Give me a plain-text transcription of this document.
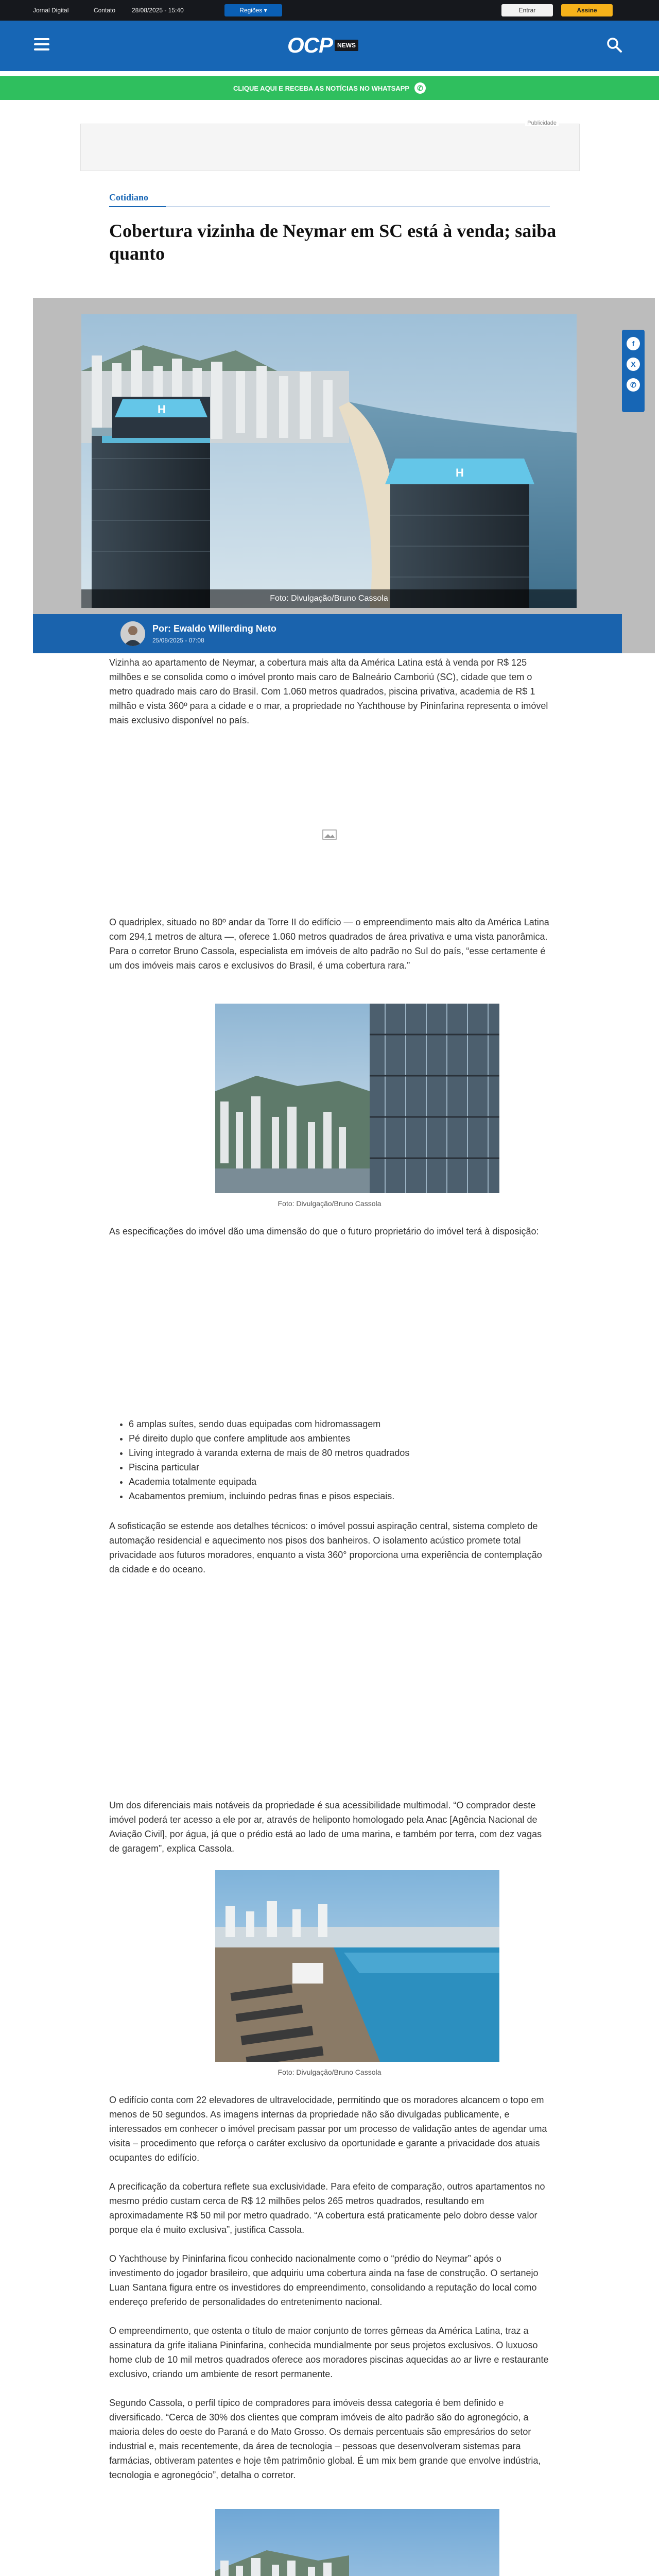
Jornal Digital	Contato	28/08/2025 - 15:40	Regiões ▾	Entrar	Assine
OCP NEWS
CLIQUE AQUI E RECEBA AS NOTÍCIAS NO WHATSAPP	✆
Publicidade
Cotidiano
Cobertura vizinha de Neymar em SC está à venda; saiba quanto
H
H
Foto: Divulgação/Bruno Cassola
f
X
✆
Por: Ewaldo Willerding Neto
25/08/2025 - 07:08

Vizinha ao apartamento de Neymar, a cobertura mais alta da América Latina está à venda por R$ 125 milhões e se consolida como o imóvel pronto mais caro de Balneário Camboriú (SC), cidade que tem o metro quadrado mais caro do Brasil. Com 1.060 metros quadrados, piscina privativa, academia de R$ 1 milhão e vista 360º para a cidade e o mar, a propriedade no Yachthouse by Pininfarina representa o imóvel mais exclusivo disponível no país.

O quadriplex, situado no 80º andar da Torre II do edifício — o empreendimento mais alto da América Latina com 294,1 metros de altura —, oferece 1.060 metros quadrados de área privativa e uma vista panorâmica. Para o corretor Bruno Cassola, especialista em imóveis de alto padrão no Sul do país, “esse certamente é um dos imóveis mais caros e exclusivos do Brasil, é uma cobertura rara.”

Foto: Divulgação/Bruno Cassola

As especificações do imóvel dão uma dimensão do que o futuro proprietário do imóvel terá à disposição:

• 6 amplas suítes, sendo duas equipadas com hidromassagem
• Pé direito duplo que confere amplitude aos ambientes
• Living integrado à varanda externa de mais de 80 metros quadrados
• Piscina particular
• Academia totalmente equipada
• Acabamentos premium, incluindo pedras finas e pisos especiais.

A sofisticação se estende aos detalhes técnicos: o imóvel possui aspiração central, sistema completo de automação residencial e aquecimento nos pisos dos banheiros. O isolamento acústico promete total privacidade aos futuros moradores, enquanto a vista 360° proporciona uma experiência de contemplação da cidade e do oceano.

Um dos diferenciais mais notáveis da propriedade é sua acessibilidade multimodal. “O comprador deste imóvel poderá ter acesso a ele por ar, através de heliponto homologado pela Anac [Agência Nacional de Aviação Civil], por água, já que o prédio está ao lado de uma marina, e também por terra, com dez vagas de garagem”, explica Cassola.

Foto: Divulgação/Bruno Cassola

O edifício conta com 22 elevadores de ultravelocidade, permitindo que os moradores alcancem o topo em menos de 50 segundos. As imagens internas da propriedade não são divulgadas publicamente, e interessados em conhecer o imóvel precisam passar por um processo de validação antes de agendar uma visita – procedimento que reforça o caráter exclusivo da oportunidade e garante a privacidade dos atuais ocupantes do edifício.

A precificação da cobertura reflete sua exclusividade. Para efeito de comparação, outros apartamentos no mesmo prédio custam cerca de R$ 12 milhões pelos 265 metros quadrados, resultando em aproximadamente R$ 50 mil por metro quadrado. “A cobertura está praticamente pelo dobro desse valor porque ela é muito exclusiva”, justifica Cassola.

O Yachthouse by Pininfarina ficou conhecido nacionalmente como o “prédio do Neymar” após o investimento do jogador brasileiro, que adquiriu uma cobertura ainda na fase de construção. O sertanejo Luan Santana figura entre os investidores do empreendimento, consolidando a reputação do local como endereço preferido de personalidades do entretenimento nacional.

O empreendimento, que ostenta o título de maior conjunto de torres gêmeas da América Latina, traz a assinatura da grife italiana Pininfarina, conhecida mundialmente por seus projetos exclusivos. O luxuoso home club de 10 mil metros quadrados oferece aos moradores piscinas aquecidas ao ar livre e restaurante exclusivo, criando um ambiente de resort permanente.

Segundo Cassola, o perfil típico de compradores para imóveis dessa categoria é bem definido e diversificado. “Cerca de 30% dos clientes que compram imóveis de alto padrão são do agronegócio, a maioria deles do oeste do Paraná e do Mato Grosso. Os demais percentuais são empresários do setor industrial e, mais recentemente, da área de tecnologia – pessoas que desenvolveram sistemas para farmácias, obtiveram patentes e hoje têm patrimônio global. É um mix bem grande que envolve indústria, tecnologia e agronegócio”, detalha o corretor.
